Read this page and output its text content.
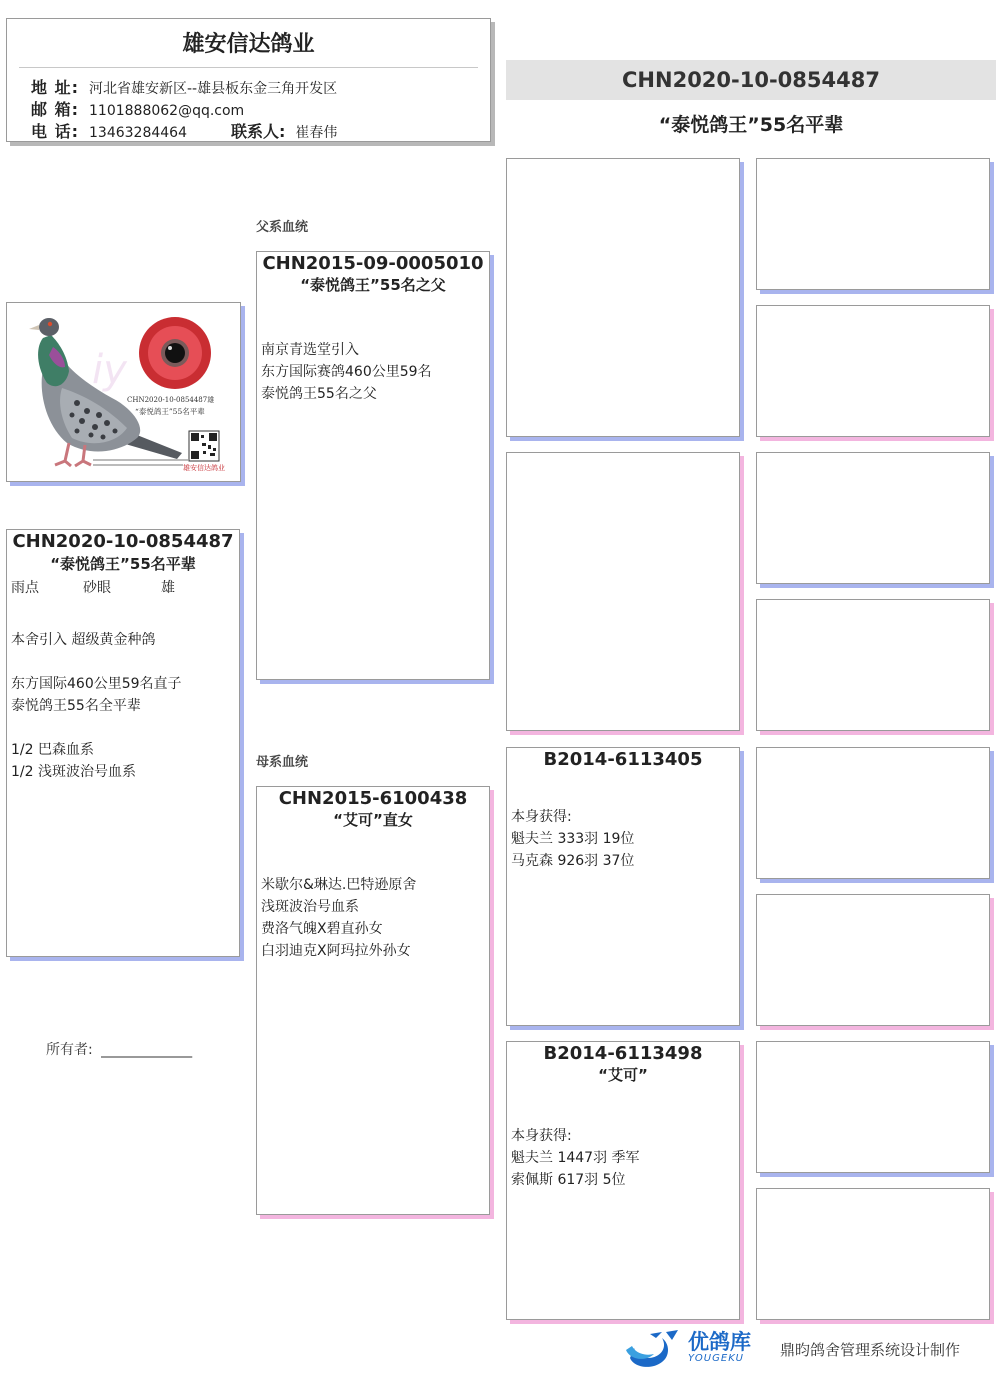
雄安信达鸽业
地 址: 河北省雄安新区--雄县板东金三角开发区
邮 箱: 1101888062@qq.com
电 话: 13463284464	联系人: 崔春伟
CHN2020-10-0854487
“泰悦鸽王”55名平辈
iy
CHN2020-10-0854487雄
“泰悦鸽王”55名平辈
雄安信达鸽业
CHN2020-10-0854487
“泰悦鸽王”55名平辈
雨点	砂眼	雄
本舍引入 超级黄金种鸽

东方国际460公里59名直子
泰悦鸽王55名全平辈

1/2 巴森血系
1/2 浅斑波治号血系
所有者: _____________
父系血统
母系血统
CHN2015-09-0005010
“泰悦鸽王”55名之父
南京青选堂引入
东方国际赛鸽460公里59名
泰悦鸽王55名之父
CHN2015-6100438
“艾可”直女
米歇尔&琳达.巴特逊原舍
浅斑波治号血系
费洛气魄X碧直孙女
白羽迪克X阿玛拉外孙女
B2014-6113405
本身获得:
魁夫兰 333羽 19位
马克森 926羽 37位
B2014-6113498
“艾可”
本身获得:
魁夫兰 1447羽 季军
索佩斯 617羽 5位
优鸽库
YOUGEKU 鼎昀鸽舍管理系统设计制作
